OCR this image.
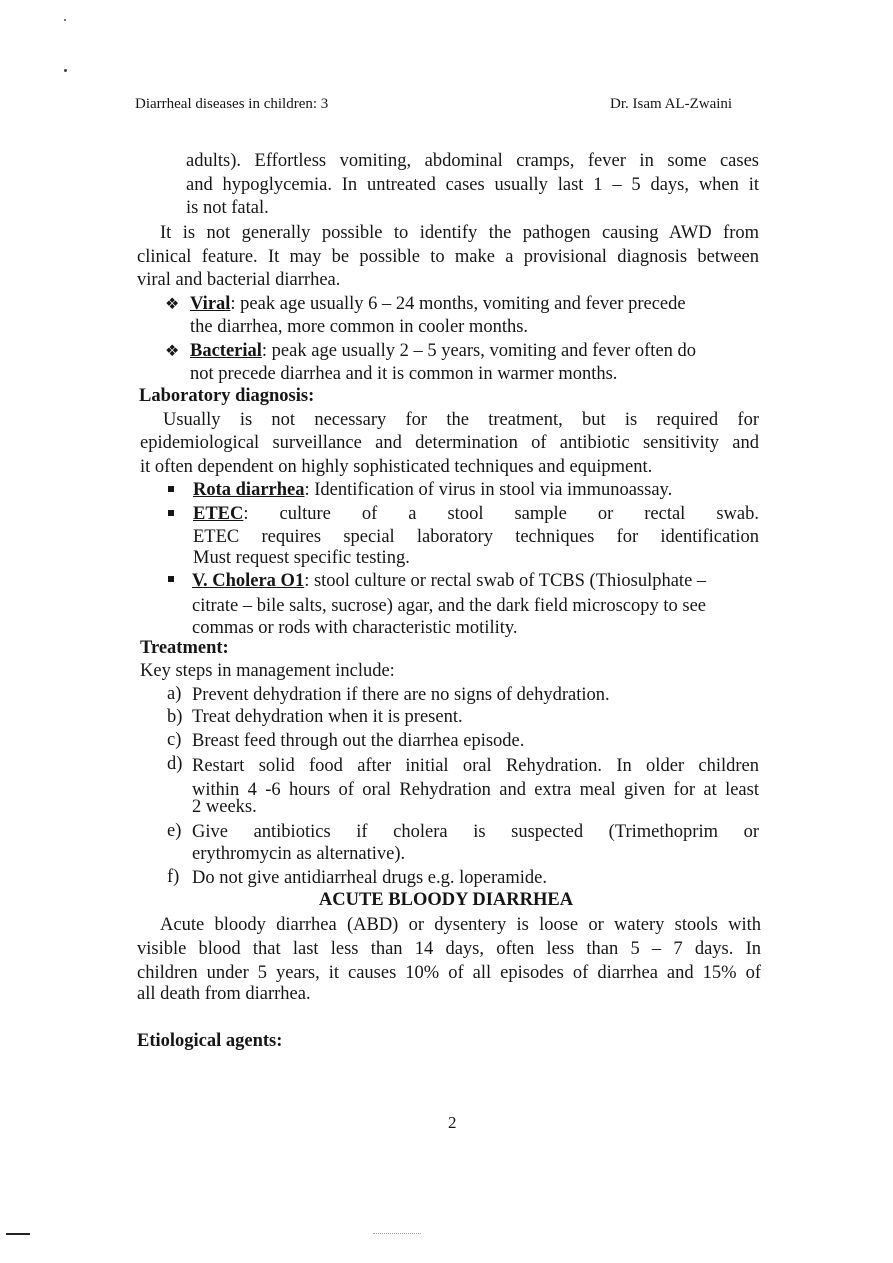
Diarrheal diseases in children: 3	Dr. Isam AL-Zwaini
adults). Effortless vomiting, abdominal cramps, fever in some cases
and hypoglycemia. In untreated cases usually last 1 – 5 days, when it
is not fatal.
It is not generally possible to identify the pathogen causing AWD from
clinical feature. It may be possible to make a provisional diagnosis between
viral and bacterial diarrhea.
❖ Viral: peak age usually 6 – 24 months, vomiting and fever precede
the diarrhea, more common in cooler months.
❖ Bacterial: peak age usually 2 – 5 years, vomiting and fever often do
not precede diarrhea and it is common in warmer months.
Laboratory diagnosis:
Usually is not necessary for the treatment, but is required for
epidemiological surveillance and determination of antibiotic sensitivity and
it often dependent on highly sophisticated techniques and equipment.
Rota diarrhea: Identification of virus in stool via immunoassay.
ETEC: culture of a stool sample or rectal swab.
ETEC requires special laboratory techniques for identification
Must request specific testing.
V. Cholera O1: stool culture or rectal swab of TCBS (Thiosulphate –
citrate – bile salts, sucrose) agar, and the dark field microscopy to see
commas or rods with characteristic motility.
Treatment:
Key steps in management include:
a) Prevent dehydration if there are no signs of dehydration.
b) Treat dehydration when it is present.
c) Breast feed through out the diarrhea episode.
d) Restart solid food after initial oral Rehydration. In older children
within 4 -6 hours of oral Rehydration and extra meal given for at least
2 weeks.
e) Give antibiotics if cholera is suspected (Trimethoprim or
erythromycin as alternative).
f) Do not give antidiarrheal drugs e.g. loperamide.
ACUTE BLOODY DIARRHEA
Acute bloody diarrhea (ABD) or dysentery is loose or watery stools with
visible blood that last less than 14 days, often less than 5 – 7 days. In
children under 5 years, it causes 10% of all episodes of diarrhea and 15% of
all death from diarrhea.
Etiological agents:
2
